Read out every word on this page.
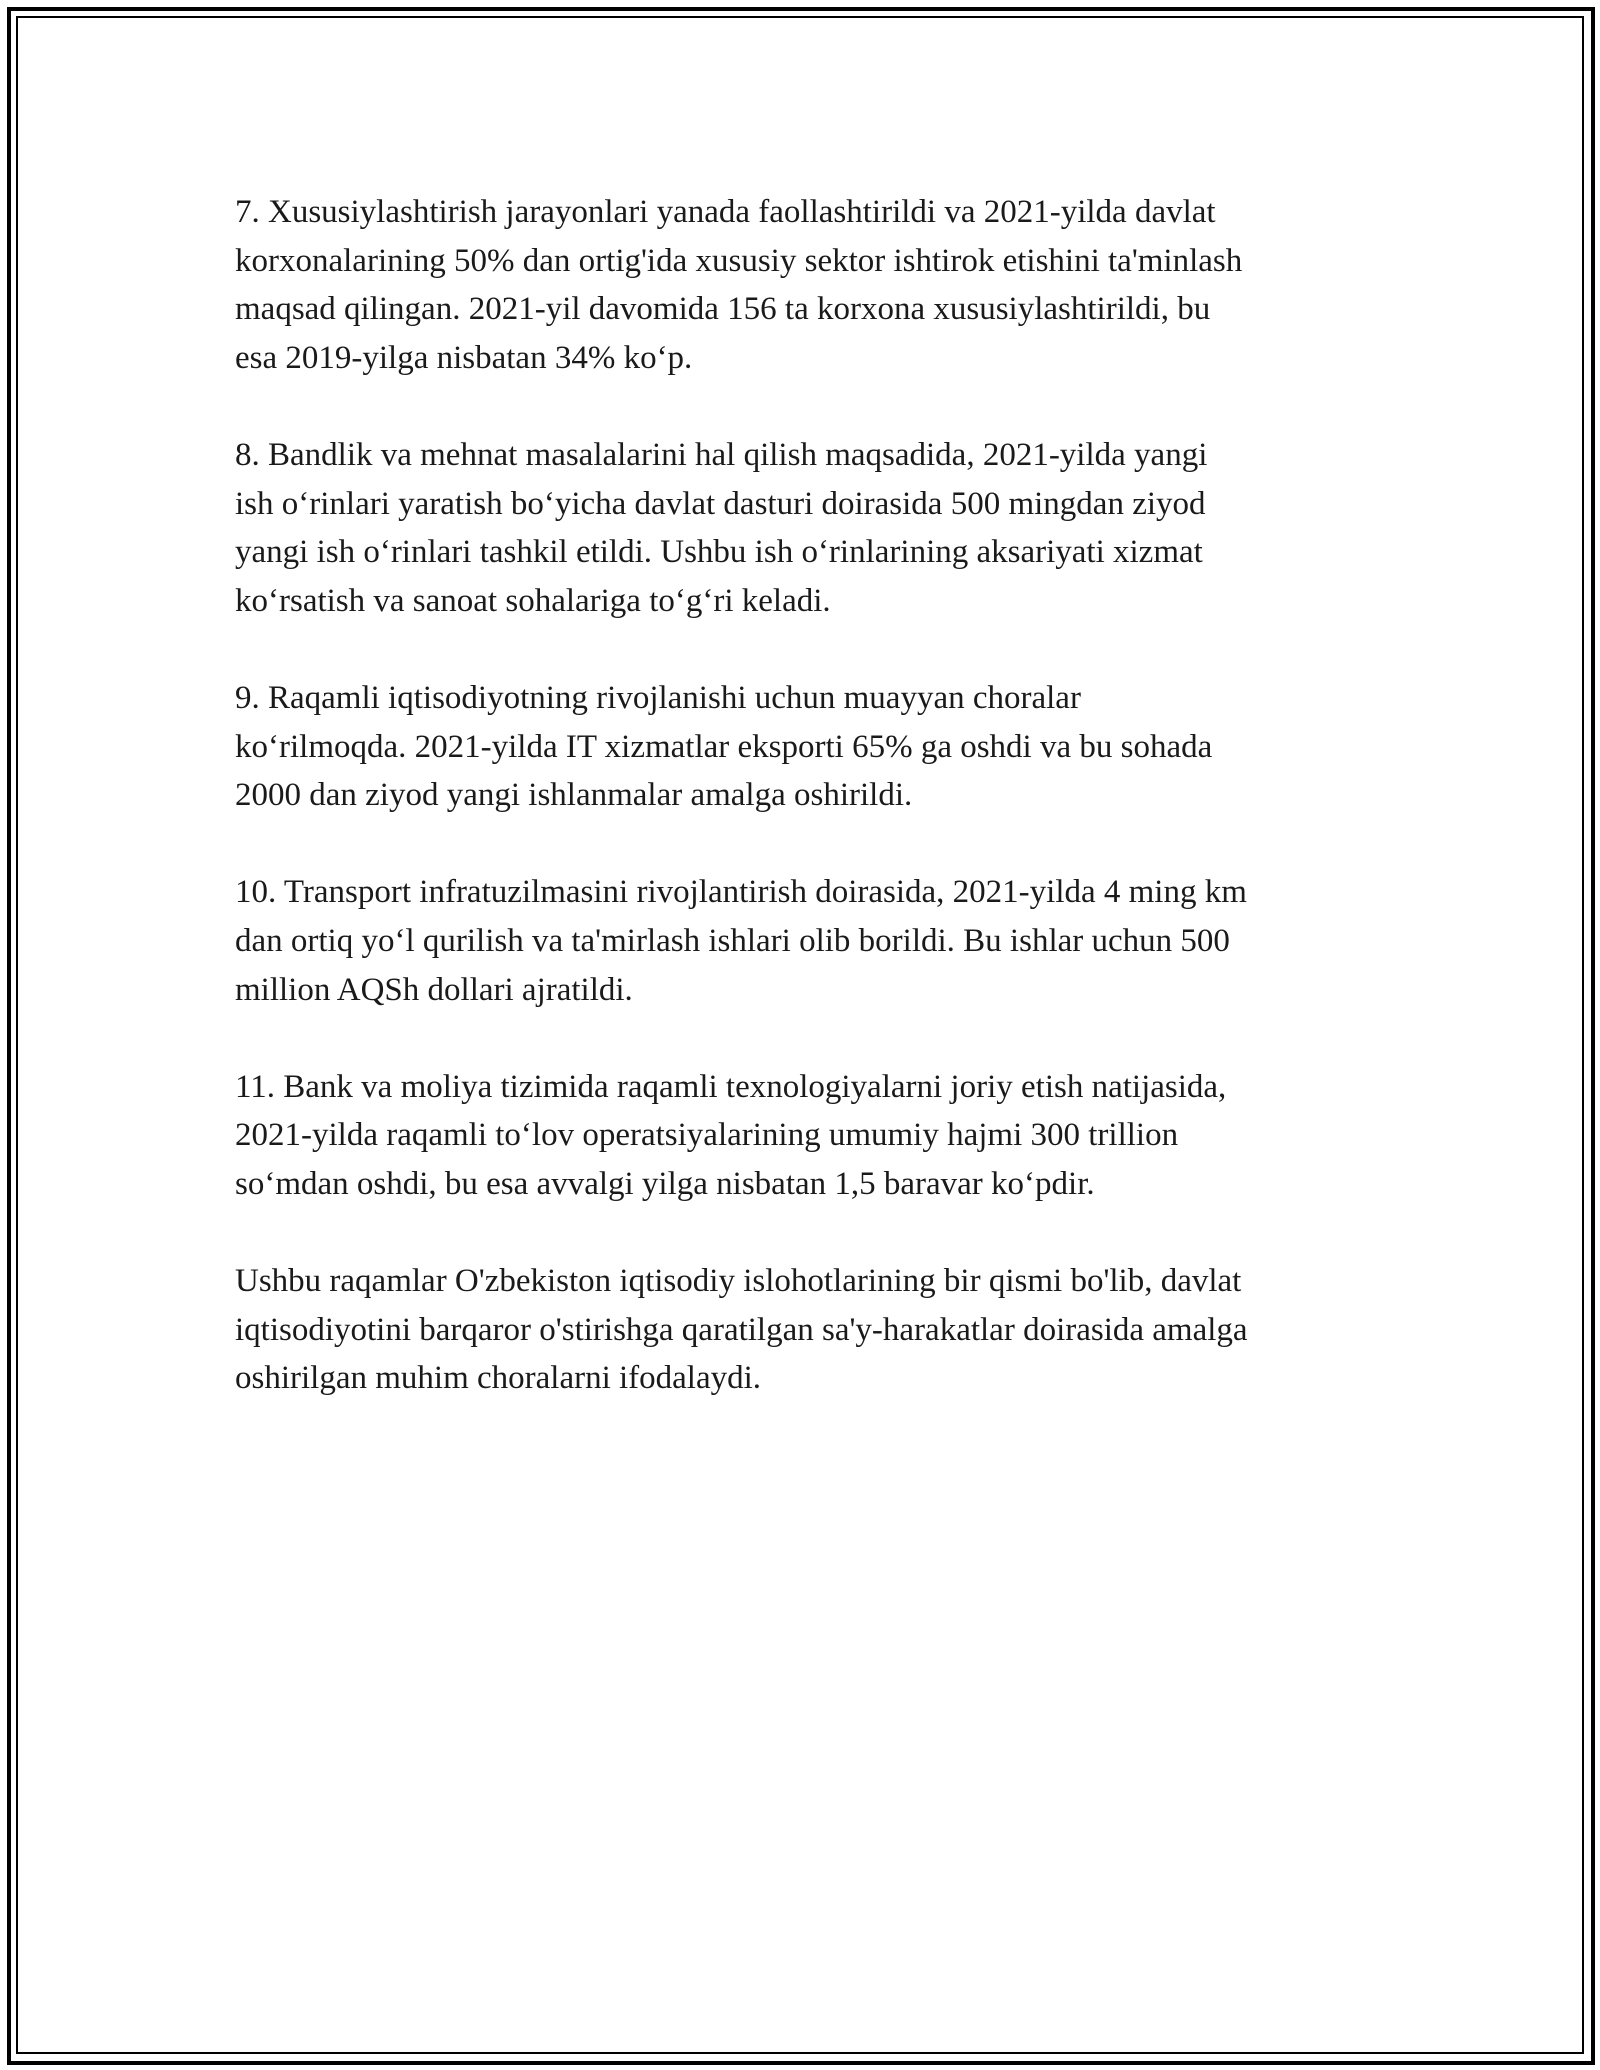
7. Xususiylashtirish jarayonlari yanada faollashtirildi va 2021-yilda davlat
korxonalarining 50% dan ortig'ida xususiy sektor ishtirok etishini ta'minlash
maqsad qilingan. 2021-yil davomida 156 ta korxona xususiylashtirildi, bu
esa 2019-yilga nisbatan 34% ko‘p.

8. Bandlik va mehnat masalalarini hal qilish maqsadida, 2021-yilda yangi
ish o‘rinlari yaratish bo‘yicha davlat dasturi doirasida 500 mingdan ziyod
yangi ish o‘rinlari tashkil etildi. Ushbu ish o‘rinlarining aksariyati xizmat
ko‘rsatish va sanoat sohalariga to‘g‘ri keladi.

9. Raqamli iqtisodiyotning rivojlanishi uchun muayyan choralar
ko‘rilmoqda. 2021-yilda IT xizmatlar eksporti 65% ga oshdi va bu sohada
2000 dan ziyod yangi ishlanmalar amalga oshirildi.

10. Transport infratuzilmasini rivojlantirish doirasida, 2021-yilda 4 ming km
dan ortiq yo‘l qurilish va ta'mirlash ishlari olib borildi. Bu ishlar uchun 500
million AQSh dollari ajratildi.

11. Bank va moliya tizimida raqamli texnologiyalarni joriy etish natijasida,
2021-yilda raqamli to‘lov operatsiyalarining umumiy hajmi 300 trillion
so‘mdan oshdi, bu esa avvalgi yilga nisbatan 1,5 baravar ko‘pdir.

Ushbu raqamlar O'zbekiston iqtisodiy islohotlarining bir qismi bo'lib, davlat
iqtisodiyotini barqaror o'stirishga qaratilgan sa'y-harakatlar doirasida amalga
oshirilgan muhim choralarni ifodalaydi.
